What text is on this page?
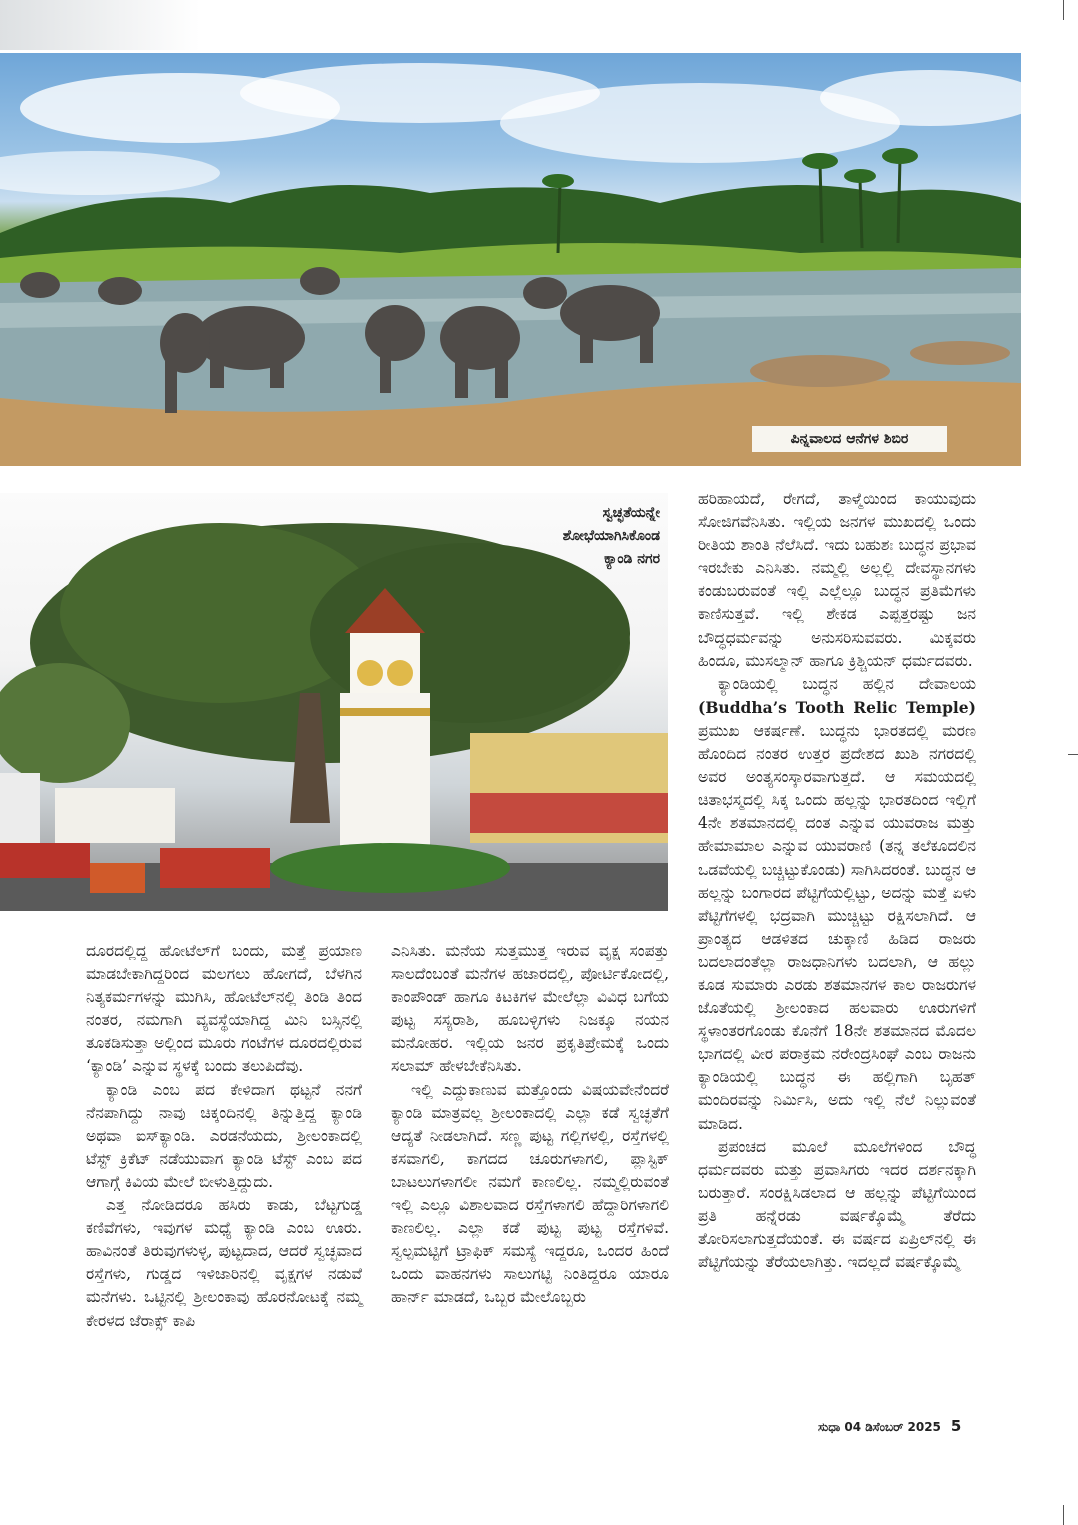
ಪಿನ್ನವಾಲದ ಆನೆಗಳ ಶಿಬಿರ
ಸ್ವಚ್ಛತೆಯನ್ನೇ
ಶೋಭೆಯಾಗಿಸಿಕೊಂಡ
ಕ್ಯಾಂಡಿ ನಗರ

ದೂರದಲ್ಲಿದ್ದ ಹೋಟೆಲ್‌ಗೆ ಬಂದು, ಮತ್ತೆ ಪ್ರಯಾಣ ಮಾಡಬೇಕಾಗಿದ್ದರಿಂದ ಮಲಗಲು ಹೋಗದೆ, ಬೆಳಗಿನ ನಿತ್ಯಕರ್ಮಗಳನ್ನು ಮುಗಿಸಿ, ಹೋಟೆಲ್‌ನಲ್ಲಿ ತಿಂಡಿ ತಿಂದ ನಂತರ, ನಮಗಾಗಿ ವ್ಯವಸ್ಥೆಯಾಗಿದ್ದ ಮಿನಿ ಬಸ್ಸಿನಲ್ಲಿ ತೂಕಡಿಸುತ್ತಾ ಅಲ್ಲಿಂದ ಮೂರು ಗಂಟೆಗಳ ದೂರದಲ್ಲಿರುವ ‘ಕ್ಯಾಂಡಿ’ ಎನ್ನುವ ಸ್ಥಳಕ್ಕೆ ಬಂದು ತಲುಪಿದೆವು.

ಕ್ಯಾಂಡಿ ಎಂಬ ಪದ ಕೇಳಿದಾಗ ಥಟ್ಟನೆ ನನಗೆ ನೆನಪಾಗಿದ್ದು ನಾವು ಚಿಕ್ಕಂದಿನಲ್ಲಿ ತಿನ್ನುತ್ತಿದ್ದ ಕ್ಯಾಂಡಿ ಅಥವಾ ಐಸ್‌ಕ್ಯಾಂಡಿ. ಎರಡನೆಯದು, ಶ್ರೀಲಂಕಾದಲ್ಲಿ ಟೆಸ್ಟ್ ಕ್ರಿಕೆಟ್ ನಡೆಯುವಾಗ ಕ್ಯಾಂಡಿ ಟೆಸ್ಟ್ ಎಂಬ ಪದ ಆಗಾಗ್ಗೆ ಕಿವಿಯ ಮೇಲೆ ಬೀಳುತ್ತಿದ್ದುದು.

ಎತ್ತ ನೋಡಿದರೂ ಹಸಿರು ಕಾಡು, ಬೆಟ್ಟಗುಡ್ಡ ಕಣಿವೆಗಳು, ಇವುಗಳ ಮಧ್ಯೆ ಕ್ಯಾಂಡಿ ಎಂಬ ಊರು. ಹಾವಿನಂತೆ ತಿರುವುಗಳುಳ್ಳ, ಪುಟ್ಟದಾದ, ಆದರೆ ಸ್ವಚ್ಛವಾದ ರಸ್ತೆಗಳು, ಗುಡ್ಡದ ಇಳಿಜಾರಿನಲ್ಲಿ ವೃಕ್ಷಗಳ ನಡುವೆ ಮನೆಗಳು. ಒಟ್ಟಿನಲ್ಲಿ ಶ್ರೀಲಂಕಾವು ಹೊರನೋಟಕ್ಕೆ ನಮ್ಮ ಕೇರಳದ ಜೆರಾಕ್ಸ್ ಕಾಪಿ

ಎನಿಸಿತು. ಮನೆಯ ಸುತ್ತಮುತ್ತ ಇರುವ ವೃಕ್ಷ ಸಂಪತ್ತು ಸಾಲದೆಂಬಂತೆ ಮನೆಗಳ ಹಜಾರದಲ್ಲಿ, ಪೋರ್ಟಿಕೋದಲ್ಲಿ, ಕಾಂಪೌಂಡ್ ಹಾಗೂ ಕಿಟಕಿಗಳ ಮೇಲೆಲ್ಲಾ ವಿವಿಧ ಬಗೆಯ ಪುಟ್ಟ ಸಸ್ಯರಾಶಿ, ಹೂಬಳ್ಳಿಗಳು ನಿಜಕ್ಕೂ ನಯನ ಮನೋಹರ. ಇಲ್ಲಿಯ ಜನರ ಪ್ರಕೃತಿಪ್ರೇಮಕ್ಕೆ ಒಂದು ಸಲಾಮ್ ಹೇಳಬೇಕೆನಿಸಿತು.

ಇಲ್ಲಿ ಎದ್ದುಕಾಣುವ ಮತ್ತೊಂದು ವಿಷಯವೇನೆಂದರೆ ಕ್ಯಾಂಡಿ ಮಾತ್ರವಲ್ಲ ಶ್ರೀಲಂಕಾದಲ್ಲಿ ಎಲ್ಲಾ ಕಡೆ ಸ್ವಚ್ಛತೆಗೆ ಆದ್ಯತೆ ನೀಡಲಾಗಿದೆ. ಸಣ್ಣ ಪುಟ್ಟ ಗಲ್ಲಿಗಳಲ್ಲಿ, ರಸ್ತೆಗಳಲ್ಲಿ ಕಸವಾಗಲಿ, ಕಾಗದದ ಚೂರುಗಳಾಗಲಿ, ಪ್ಲಾಸ್ಟಿಕ್ ಬಾಟಲುಗಳಾಗಲೀ ನಮಗೆ ಕಾಣಲಿಲ್ಲ. ನಮ್ಮಲ್ಲಿರುವಂತೆ ಇಲ್ಲಿ ಎಲ್ಲೂ ವಿಶಾಲವಾದ ರಸ್ತೆಗಳಾಗಲಿ ಹೆದ್ದಾರಿಗಳಾಗಲಿ ಕಾಣಲಿಲ್ಲ. ಎಲ್ಲಾ ಕಡೆ ಪುಟ್ಟ ಪುಟ್ಟ ರಸ್ತೆಗಳಿವೆ. ಸ್ವಲ್ಪಮಟ್ಟಿಗೆ ಟ್ರಾಫಿಕ್ ಸಮಸ್ಯೆ ಇದ್ದರೂ, ಒಂದರ ಹಿಂದೆ ಒಂದು ವಾಹನಗಳು ಸಾಲುಗಟ್ಟಿ ನಿಂತಿದ್ದರೂ ಯಾರೂ ಹಾರ್ನ್ ಮಾಡದೆ, ಒಬ್ಬರ ಮೇಲೊಬ್ಬರು

ಹರಿಹಾಯದೆ, ರೇಗದೆ, ತಾಳ್ಮೆಯಿಂದ ಕಾಯುವುದು ಸೋಜಿಗವೆನಿಸಿತು. ಇಲ್ಲಿಯ ಜನಗಳ ಮುಖದಲ್ಲಿ ಒಂದು ರೀತಿಯ ಶಾಂತಿ ನೆಲೆಸಿದೆ. ಇದು ಬಹುಶಃ ಬುದ್ಧನ ಪ್ರಭಾವ ಇರಬೇಕು ಎನಿಸಿತು. ನಮ್ಮಲ್ಲಿ ಅಲ್ಲಲ್ಲಿ ದೇವಸ್ಥಾನಗಳು ಕಂಡುಬರುವಂತೆ ಇಲ್ಲಿ ಎಲ್ಲೆಲ್ಲೂ ಬುದ್ಧನ ಪ್ರತಿಮೆಗಳು ಕಾಣಿಸುತ್ತವೆ. ಇಲ್ಲಿ ಶೇಕಡ ಎಪ್ಪತ್ತರಷ್ಟು ಜನ ಬೌದ್ಧಧರ್ಮವನ್ನು ಅನುಸರಿಸುವವರು. ಮಿಕ್ಕವರು ಹಿಂದೂ, ಮುಸಲ್ಮಾನ್ ಹಾಗೂ ಕ್ರಿಶ್ಚಿಯನ್ ಧರ್ಮದವರು.

ಕ್ಯಾಂಡಿಯಲ್ಲಿ ಬುದ್ಧನ ಹಲ್ಲಿನ ದೇವಾಲಯ (Buddha’s Tooth Relic Temple) ಪ್ರಮುಖ ಆಕರ್ಷಣೆ. ಬುದ್ಧನು ಭಾರತದಲ್ಲಿ ಮರಣ ಹೊಂದಿದ ನಂತರ ಉತ್ತರ ಪ್ರದೇಶದ ಖುಶಿ ನಗರದಲ್ಲಿ ಅವರ ಅಂತ್ಯಸಂಸ್ಕಾರವಾಗುತ್ತದೆ. ಆ ಸಮಯದಲ್ಲಿ ಚಿತಾಭಸ್ಮದಲ್ಲಿ ಸಿಕ್ಕ ಒಂದು ಹಲ್ಲನ್ನು ಭಾರತದಿಂದ ಇಲ್ಲಿಗೆ 4ನೇ ಶತಮಾನದಲ್ಲಿ ದಂತ ಎನ್ನುವ ಯುವರಾಜ ಮತ್ತು ಹೇಮಾಮಾಲ ಎನ್ನುವ ಯುವರಾಣಿ (ತನ್ನ ತಲೆಕೂದಲಿನ ಒಡವೆಯಲ್ಲಿ ಬಚ್ಚಿಟ್ಟುಕೊಂಡು) ಸಾಗಿಸಿದರಂತೆ. ಬುದ್ಧನ ಆ ಹಲ್ಲನ್ನು ಬಂಗಾರದ ಪೆಟ್ಟಿಗೆಯಲ್ಲಿಟ್ಟು, ಅದನ್ನು ಮತ್ತೆ ಏಳು ಪೆಟ್ಟಿಗೆಗಳಲ್ಲಿ ಭದ್ರವಾಗಿ ಮುಚ್ಚಿಟ್ಟು ರಕ್ಷಿಸಲಾಗಿದೆ. ಆ ಪ್ರಾಂತ್ಯದ ಆಡಳಿತದ ಚುಕ್ಕಾಣಿ ಹಿಡಿದ ರಾಜರು ಬದಲಾದಂತೆಲ್ಲಾ ರಾಜಧಾನಿಗಳು ಬದಲಾಗಿ, ಆ ಹಲ್ಲು ಕೂಡ ಸುಮಾರು ಎರಡು ಶತಮಾನಗಳ ಕಾಲ ರಾಜರುಗಳ ಜೊತೆಯಲ್ಲಿ ಶ್ರೀಲಂಕಾದ ಹಲವಾರು ಊರುಗಳಿಗೆ ಸ್ಥಳಾಂತರಗೊಂಡು ಕೊನೆಗೆ 18ನೇ ಶತಮಾನದ ಮೊದಲ ಭಾಗದಲ್ಲಿ ವೀರ ಪರಾಕ್ರಮ ನರೇಂದ್ರಸಿಂಘೆ ಎಂಬ ರಾಜನು ಕ್ಯಾಂಡಿಯಲ್ಲಿ ಬುದ್ಧನ ಈ ಹಲ್ಲಿಗಾಗಿ ಬೃಹತ್ ಮಂದಿರವನ್ನು ನಿರ್ಮಿಸಿ, ಅದು ಇಲ್ಲಿ ನೆಲೆ ನಿಲ್ಲುವಂತೆ ಮಾಡಿದ.

ಪ್ರಪಂಚದ ಮೂಲೆ ಮೂಲೆಗಳಿಂದ ಬೌದ್ಧ ಧರ್ಮದವರು ಮತ್ತು ಪ್ರವಾಸಿಗರು ಇದರ ದರ್ಶನಕ್ಕಾಗಿ ಬರುತ್ತಾರೆ. ಸಂರಕ್ಷಿಸಿಡಲಾದ ಆ ಹಲ್ಲನ್ನು ಪೆಟ್ಟಿಗೆಯಿಂದ ಪ್ರತಿ ಹನ್ನೆರಡು ವರ್ಷಕ್ಕೊಮ್ಮೆ ತೆರೆದು ತೋರಿಸಲಾಗುತ್ತದೆಯಂತೆ. ಈ ವರ್ಷದ ಏಪ್ರಿಲ್‌ನಲ್ಲಿ ಈ ಪೆಟ್ಟಿಗೆಯನ್ನು ತೆರೆಯಲಾಗಿತ್ತು. ಇದಲ್ಲದೆ ವರ್ಷಕ್ಕೊಮ್ಮೆ

ಸುಧಾ 04 ಡಿಸೆಂಬರ್ 2025 5
